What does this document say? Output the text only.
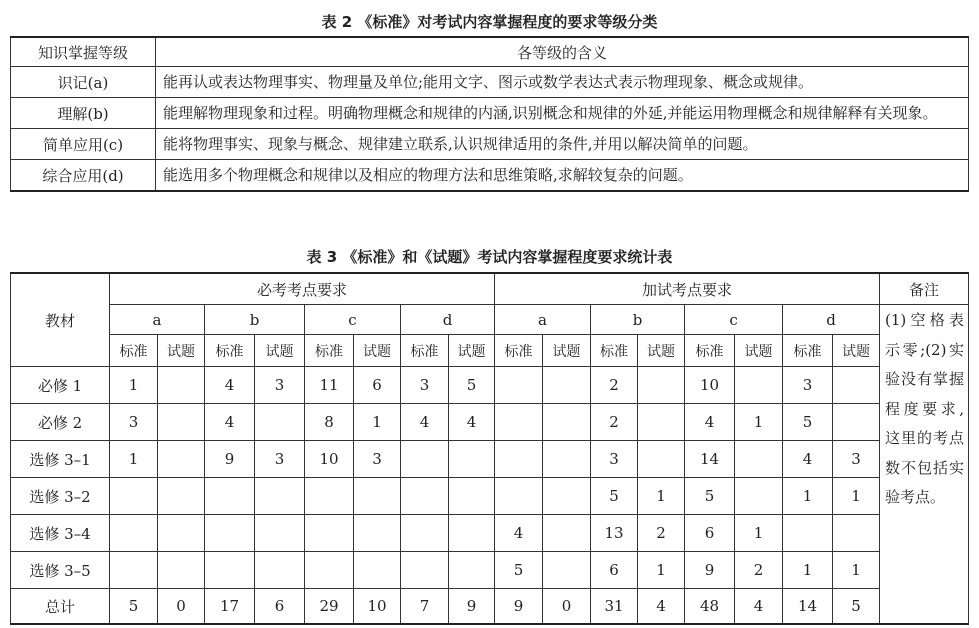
表 2 《标准》对考试内容掌握程度的要求等级分类
知识掌握等级	各等级的含义
识记(a)	能再认或表达物理事实、物理量及单位;能用文字、图示或数学表达式表示物理现象、概念或规律。
理解(b)	能理解物理现象和过程。明确物理概念和规律的内涵,识别概念和规律的外延,并能运用物理概念和规律解释有关现象。
简单应用(c)	能将物理事实、现象与概念、规律建立联系,认识规律适用的条件,并用以解决简单的问题。
综合应用(d)	能选用多个物理概念和规律以及相应的物理方法和思维策略,求解较复杂的问题。
表 3 《标准》和《试题》考试内容掌握程度要求统计表
教材	必考考点要求								加试考点要求								备注
	a		b		c		d		a		b		c		d		(1)空格表示零;(2)实验没有掌握程度要求,这里的考点数不包括实验考点。

	标准	试题	标准	试题	标准	试题	标准	试题	标准	试题	标准	试题	标准	试题	标准	试题	
必修 1	1		4	3	11	6	3	5			2		10		3		
必修 2	3		4		8	1	4	4			2		4	1	5		
选修 3–1	1		9	3	10	3					3		14		4	3	
选修 3–2											5	1	5		1	1	
选修 3–4									4		13	2	6	1			
选修 3–5									5		6	1	9	2	1	1	
总计	5	0	17	6	29	10	7	9	9	0	31	4	48	4	14	5	
